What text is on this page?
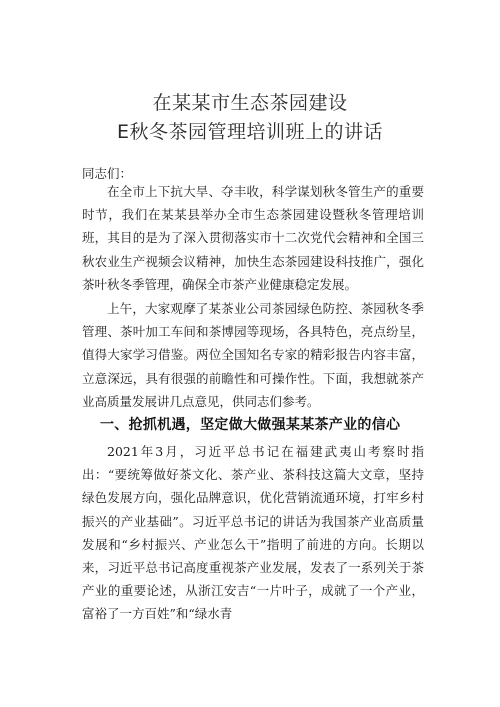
在某某市生态茶园建设
E秋冬茶园管理培训班上的讲话
同志们：

在全市上下抗大旱、夺丰收，科学谋划秋冬管生产的重要时节，我们在某某县举办全市生态茶园建设暨秋冬管理培训班，其目的是为了深入贯彻落实市十二次党代会精神和全国三秋农业生产视频会议精神，加快生态茶园建设科技推广，强化茶叶秋冬季管理，确保全市茶产业健康稳定发展。

上午，大家观摩了某茶业公司茶园绿色防控、茶园秋冬季管理、茶叶加工车间和茶博园等现场，各具特色，亮点纷呈，值得大家学习借鉴。两位全国知名专家的精彩报告内容丰富，立意深远，具有很强的前瞻性和可操作性。下面，我想就茶产业高质量发展讲几点意见，供同志们参考。

一、抢抓机遇，坚定做大做强某某茶产业的信心

2021年3月，习近平总书记在福建武夷山考察时指出：“要统筹做好茶文化、茶产业、茶科技这篇大文章，坚持绿色发展方向，强化品牌意识，优化营销流通环境，打牢乡村振兴的产业基础”。习近平总书记的讲话为我国茶产业高质量发展和“乡村振兴、产业怎么干”指明了前进的方向。长期以来，习近平总书记高度重视茶产业发展，发表了一系列关于茶产业的重要论述，从浙江安吉“一片叶子，成就了一个产业，富裕了一方百姓”和“绿水青
